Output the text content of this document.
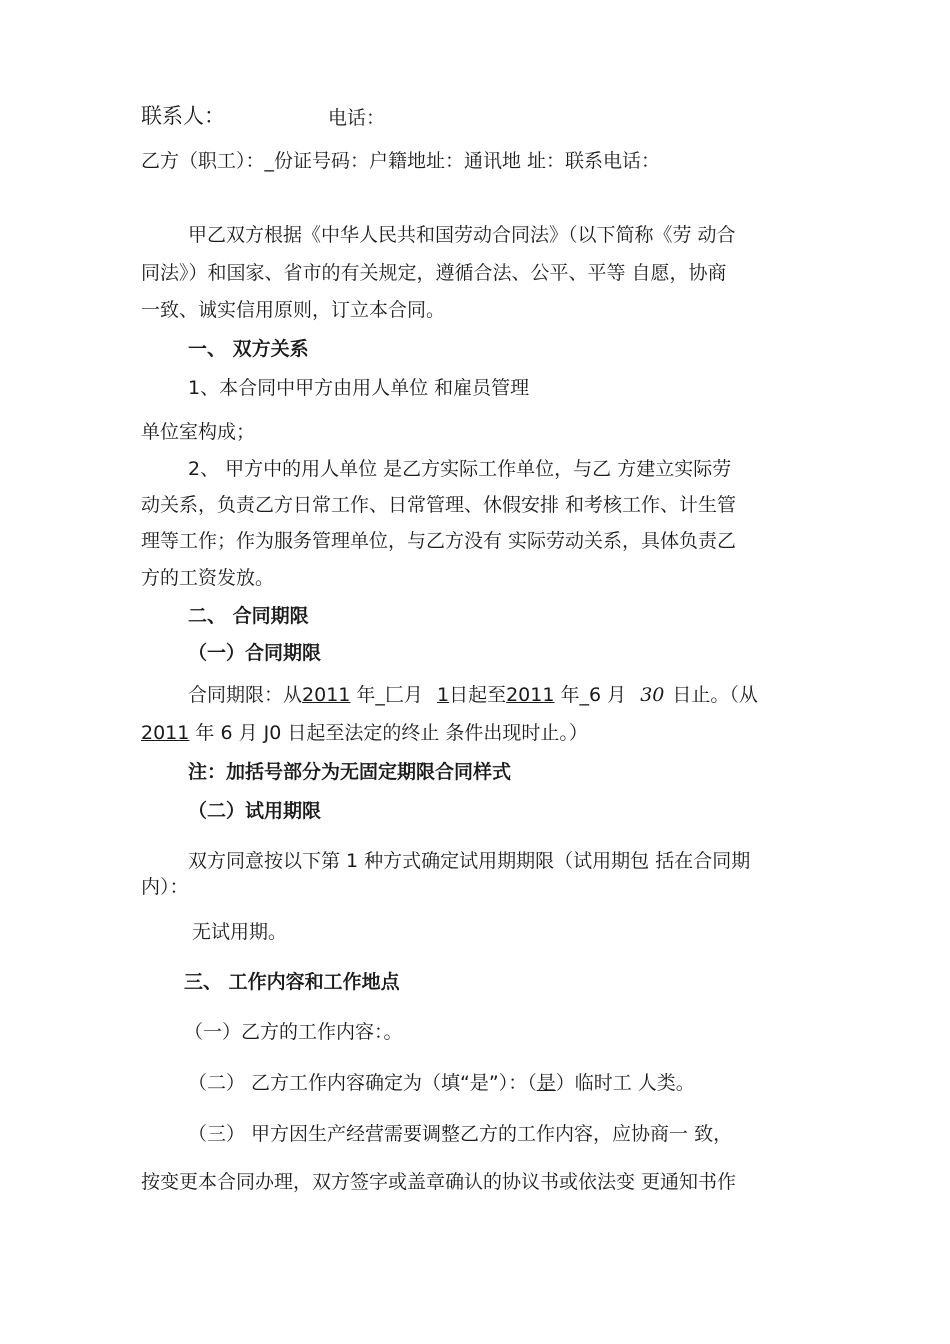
联系人：	电话：
乙方（职工）：_份证号码：户籍地址：通讯地 址：联系电话：
甲乙双方根据《中华人民共和国劳动合同法》（以下简称《劳 动合
同法》）和国家、省市的有关规定，遵循合法、公平、平等 自愿，协商
一致、诚实信用原则，订立本合同。
一、 双方关系
1、本合同中甲方由用人单位 和雇员管理
单位室构成；
2、 甲方中的用人单位 是乙方实际工作单位，与乙 方建立实际劳
动关系，负责乙方日常工作、日常管理、休假安排 和考核工作、计生管
理等工作；作为服务管理单位，与乙方没有 实际劳动关系，具体负责乙
方的工资发放。
二、 合同期限
（一）合同期限
合同期限：从2011 年_匚月 1日起至2011 年_6 月 30 日止。（从
2011 年 6 月 J0 日起至法定的终止 条件出现时止。）
注：加括号部分为无固定期限合同样式
（二）试用期限
双方同意按以下第 1 种方式确定试用期期限（试用期包 括在合同期
内）：
无试用期。
三、 工作内容和工作地点
（一）乙方的工作内容：。
（二） 乙方工作内容确定为（填“是”）：（是）临时工 人类。
（三） 甲方因生产经营需要调整乙方的工作内容，应协商一 致，
按变更本合同办理，双方签字或盖章确认的协议书或依法变 更通知书作
